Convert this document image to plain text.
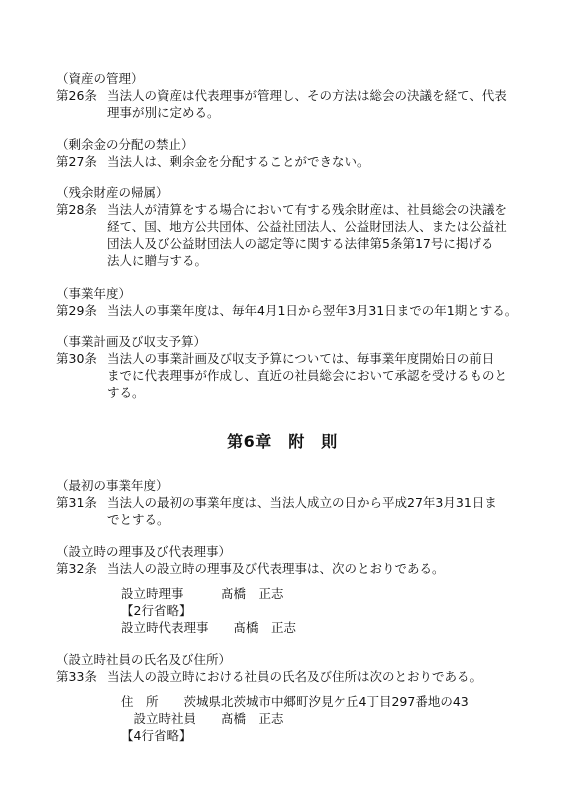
（資産の管理）
第26条 当法人の資産は代表理事が管理し、その方法は総会の決議を経て、代表
理事が別に定める。
（剰余金の分配の禁止）
第27条 当法人は、剰余金を分配することができない。
（残余財産の帰属）
第28条 当法人が清算をする場合において有する残余財産は、社員総会の決議を
経て、国、地方公共団体、公益社団法人、公益財団法人、または公益社
団法人及び公益財団法人の認定等に関する法律第5条第17号に掲げる
法人に贈与する。
（事業年度）
第29条 当法人の事業年度は、毎年4月1日から翌年3月31日までの年1期とする。
（事業計画及び収支予算）
第30条 当法人の事業計画及び収支予算については、毎事業年度開始日の前日
までに代表理事が作成し、直近の社員総会において承認を受けるものと
する。
第6章　附　則
（最初の事業年度）
第31条 当法人の最初の事業年度は、当法人成立の日から平成27年3月31日ま
でとする。
（設立時の理事及び代表理事）
第32条 当法人の設立時の理事及び代表理事は、次のとおりである。
設立時理事　　　髙橋　正志
【2行省略】
設立時代表理事　　髙橋　正志
（設立時社員の氏名及び住所）
第33条 当法人の設立時における社員の氏名及び住所は次のとおりである。
住　所　　茨城県北茨城市中郷町汐見ケ丘4丁目297番地の43
　設立時社員　　髙橋　正志
【4行省略】
